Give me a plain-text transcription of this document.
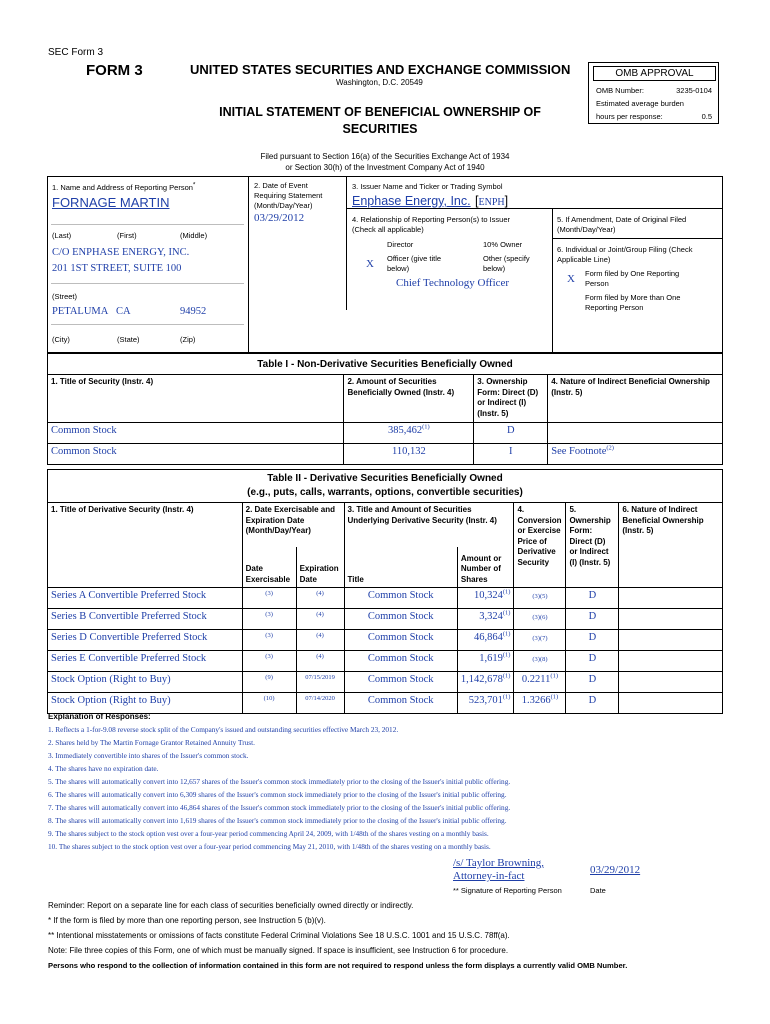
SEC Form 3
FORM 3	UNITED STATES SECURITIES AND EXCHANGE COMMISSION
Washington, D.C. 20549
INITIAL STATEMENT OF BENEFICIAL OWNERSHIP OF
SECURITIES
OMB APPROVAL
OMB Number:	3235-0104
Estimated average burden
hours per response:	0.5
Filed pursuant to Section 16(a) of the Securities Exchange Act of 1934
or Section 30(h) of the Investment Company Act of 1940
1. Name and Address of Reporting Person*
FORNAGE MARTIN
(Last)	(First)	(Middle)
C/O ENPHASE ENERGY, INC.
201 1ST STREET, SUITE 100
(Street)
PETALUMA CA	94952
(City)	(State)	(Zip)
2. Date of Event
Requiring Statement
(Month/Day/Year)
03/29/2012
3. Issuer Name and Ticker or Trading Symbol
Enphase Energy, Inc. [ENPH]
4. Relationship of Reporting Person(s) to Issuer
(Check all applicable)
Director	10% Owner
X Officer (give title
below)
Other (specify
below)
Chief Technology Officer
5. If Amendment, Date of Original Filed
(Month/Day/Year)
6. Individual or Joint/Group Filing (Check
Applicable Line)
X Form filed by One Reporting
Person
Form filed by More than One
Reporting Person
Table I - Non-Derivative Securities Beneficially Owned			
1. Title of Security (Instr. 4)	2. Amount of Securities Beneficially Owned (Instr. 4)	3. Ownership Form: Direct (D) or Indirect (I) (Instr. 5)	4. Nature of Indirect Beneficial Ownership (Instr. 5)
Common Stock	385,462$^{(1)}$	D	
Common Stock	110,132	I	See Footnote$^{(2)}$
Table II - Derivative Securities Beneficially Owned
(e.g., puts, calls, warrants, options, convertible securities)							

1. Title of Derivative Security (Instr. 4)	2. Date Exercisable and Expiration Date (Month/Day/Year)		3. Title and Amount of Securities Underlying Derivative Security (Instr. 4)		4. Conversion or Exercise Price of Derivative Security	5. Ownership Form: Direct (D) or Indirect (I) (Instr. 5)	6. Nature of Indirect Beneficial Ownership (Instr. 5)
	Date Exercisable	Expiration Date	Title	Amount or Number of Shares			
Series A Convertible Preferred Stock	(3)	(4)	Common Stock	10,324$^{(1)}$	(3)(5)	D	
Series B Convertible Preferred Stock	(3)	(4)	Common Stock	3,324$^{(1)}$	(3)(6)	D	
Series D Convertible Preferred Stock	(3)	(4)	Common Stock	46,864$^{(1)}$	(3)(7)	D	
Series E Convertible Preferred Stock	(3)	(4)	Common Stock	1,619$^{(1)}$	(3)(8)	D	
Stock Option (Right to Buy)	(9)	07/15/2019	Common Stock	1,142,678$^{(1)}$	0.2211$^{(1)}$	D	
Stock Option (Right to Buy)	(10)	07/14/2020	Common Stock	523,701$^{(1)}$	1.3266$^{(1)}$	D	
Explanation of Responses:
1. Reflects a 1-for-9.08 reverse stock split of the Company's issued and outstanding securities effective March 23, 2012.
2. Shares held by The Martin Fornage Grantor Retained Annuity Trust.
3. Immediately convertible into shares of the Issuer's common stock.
4. The shares have no expiration date.
5. The shares will automatically convert into 12,657 shares of the Issuer's common stock immediately prior to the closing of the Issuer's initial public offering.
6. The shares will automatically convert into 6,309 shares of the Issuer's common stock immediately prior to the closing of the Issuer's initial public offering.
7. The shares will automatically convert into 46,864 shares of the Issuer's common stock immediately prior to the closing of the Issuer's initial public offering.
8. The shares will automatically convert into 1,619 shares of the Issuer's common stock immediately prior to the closing of the Issuer's initial public offering.
9. The shares subject to the stock option vest over a four-year period commencing April 24, 2009, with 1/48th of the shares vesting on a monthly basis.
10. The shares subject to the stock option vest over a four-year period commencing May 21, 2010, with 1/48th of the shares vesting on a monthly basis.
/s/ Taylor Browning,
Attorney-in-fact	03/29/2012
** Signature of Reporting Person	Date
Reminder: Report on a separate line for each class of securities beneficially owned directly or indirectly.
* If the form is filed by more than one reporting person, see Instruction 5 (b)(v).
** Intentional misstatements or omissions of facts constitute Federal Criminal Violations See 18 U.S.C. 1001 and 15 U.S.C. 78ff(a).
Note: File three copies of this Form, one of which must be manually signed. If space is insufficient, see Instruction 6 for procedure.
Persons who respond to the collection of information contained in this form are not required to respond unless the form displays a currently valid OMB Number.
